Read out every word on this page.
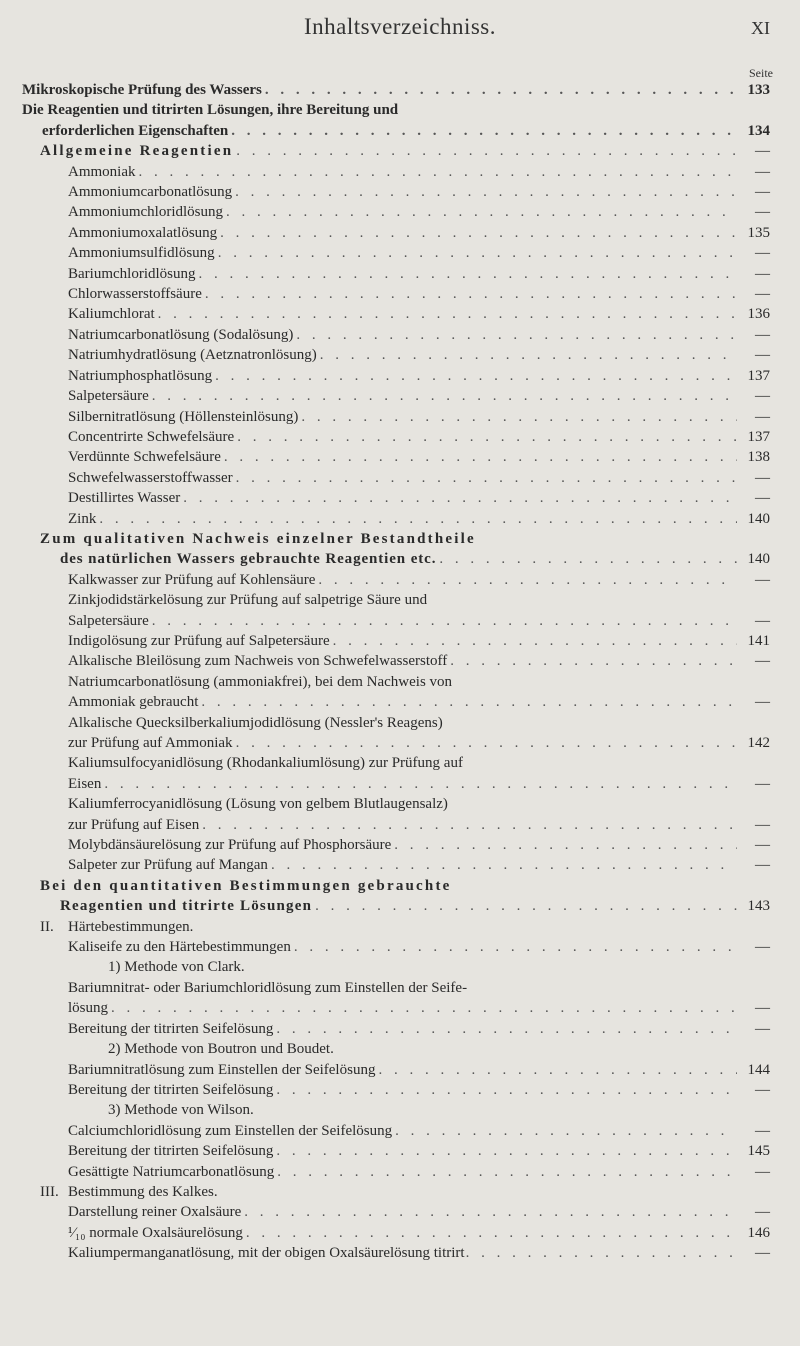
Inhaltsverzeichniss.	XI
Seite
Mikroskopische Prüfung des Wassers . . .	133
Die Reagentien und titrirten Lösungen, ihre Bereitung und
erforderlichen Eigenschaften . . .	134
Allgemeine Reagentien . . .	—
Ammoniak . . .	—
Ammoniumcarbonatlösung . . .	—
Ammoniumchloridlösung . . .	—
Ammoniumoxalatlösung . . .	135
Ammoniumsulfidlösung . . .	—
Bariumchloridlösung . . .	—
Chlorwasserstoffsäure . . .	—
Kaliumchlorat . . .	136
Natriumcarbonatlösung (Sodalösung) . . .	—
Natriumhydratlösung (Aetznatronlösung) . . .	—
Natriumphosphatlösung . . .	137
Salpetersäure . . .	—
Silbernitratlösung (Höllensteinlösung) . . .	—
Concentrirte Schwefelsäure . . .	137
Verdünnte Schwefelsäure . . .	138
Schwefelwasserstoffwasser . . .	—
Destillirtes Wasser . . .	—
Zink . . .	140
Zum qualitativen Nachweis einzelner Bestandtheile
des natürlichen Wassers gebrauchte Reagentien etc. . . .	140
Kalkwasser zur Prüfung auf Kohlensäure . . .	—
Zinkjodidstärkelösung zur Prüfung auf salpetrige Säure und
Salpetersäure . . .	—
Indigolösung zur Prüfung auf Salpetersäure . . .	141
Alkalische Bleilösung zum Nachweis von Schwefelwasserstoff . . .	—
Natriumcarbonatlösung (ammoniakfrei), bei dem Nachweis von
Ammoniak gebraucht . . .	—
Alkalische Quecksilberkaliumjodidlösung (Nessler's Reagens)
zur Prüfung auf Ammoniak . . .	142
Kaliumsulfocyanidlösung (Rhodankaliumlösung) zur Prüfung auf
Eisen . . .	—
Kaliumferrocyanidlösung (Lösung von gelbem Blutlaugensalz)
zur Prüfung auf Eisen . . .	—
Molybdänsäurelösung zur Prüfung auf Phosphorsäure . . .	—
Salpeter zur Prüfung auf Mangan . . .	—
Bei den quantitativen Bestimmungen gebrauchte
Reagentien und titrirte Lösungen . . .	143
II. Härtebestimmungen.
Kaliseife zu den Härtebestimmungen . . .	—
1) Methode von Clark.
Bariumnitrat- oder Bariumchloridlösung zum Einstellen der Seife-
lösung . . .	—
Bereitung der titrirten Seifelösung . . .	—
2) Methode von Boutron und Boudet.
Bariumnitratlösung zum Einstellen der Seifelösung . . .	144
Bereitung der titrirten Seifelösung . . .	—
3) Methode von Wilson.
Calciumchloridlösung zum Einstellen der Seifelösung . . .	—
Bereitung der titrirten Seifelösung . . .	145
Gesättigte Natriumcarbonatlösung . . .	—
III. Bestimmung des Kalkes.
Darstellung reiner Oxalsäure . . .	—
¹⁄₁₀ normale Oxalsäurelösung . . .	146
Kaliumpermanganatlösung, mit der obigen Oxalsäurelösung titrirt . . .	—
